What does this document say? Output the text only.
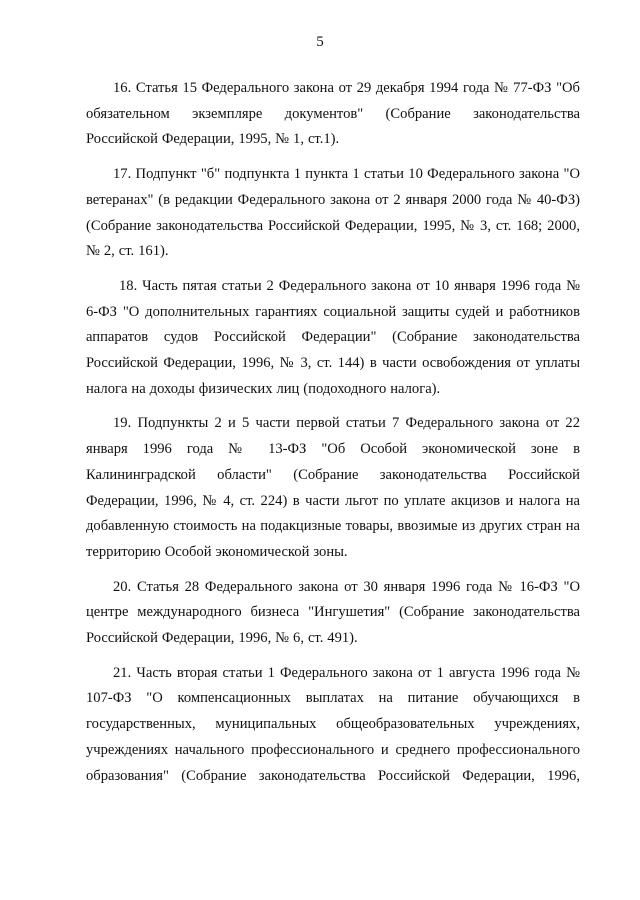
5

16. Статья 15 Федерального закона от 29 декабря 1994 года № 77-ФЗ "Об обязательном экземпляре документов" (Собрание законодательства Российской Федерации, 1995, № 1, ст.1).

17. Подпункт "б" подпункта 1 пункта 1 статьи 10 Федерального закона "О ветеранах" (в редакции Федерального закона от 2 января 2000 года № 40-ФЗ) (Собрание законодательства Российской Федерации, 1995, № 3, ст. 168; 2000, № 2, ст. 161).

18. Часть пятая статьи 2 Федерального закона от 10 января 1996 года № 6-ФЗ "О дополнительных гарантиях социальной защиты судей и работников аппаратов судов Российской Федерации" (Собрание законодательства Российской Федерации, 1996, № 3, ст. 144) в части освобождения от уплаты налога на доходы физических лиц (подоходного налога).

19. Подпункты 2 и 5 части первой статьи 7 Федерального закона от 22 января 1996 года № 13-ФЗ "Об Особой экономической зоне в Калининградской области" (Собрание законодательства Российской Федерации, 1996, № 4, ст. 224) в части льгот по уплате акцизов и налога на добавленную стоимость на подакцизные товары, ввозимые из других стран на территорию Особой экономической зоны.

20. Статья 28 Федерального закона от 30 января 1996 года № 16-ФЗ "О центре международного бизнеса "Ингушетия" (Собрание законодательства Российской Федерации, 1996, № 6, ст. 491).

21. Часть вторая статьи 1 Федерального закона от 1 августа 1996 года № 107-ФЗ "О компенсационных выплатах на питание обучающихся в государственных, муниципальных общеобразовательных учреждениях, учреждениях начального профессионального и среднего профессионального образования" (Собрание законодательства Российской Федерации, 1996,
